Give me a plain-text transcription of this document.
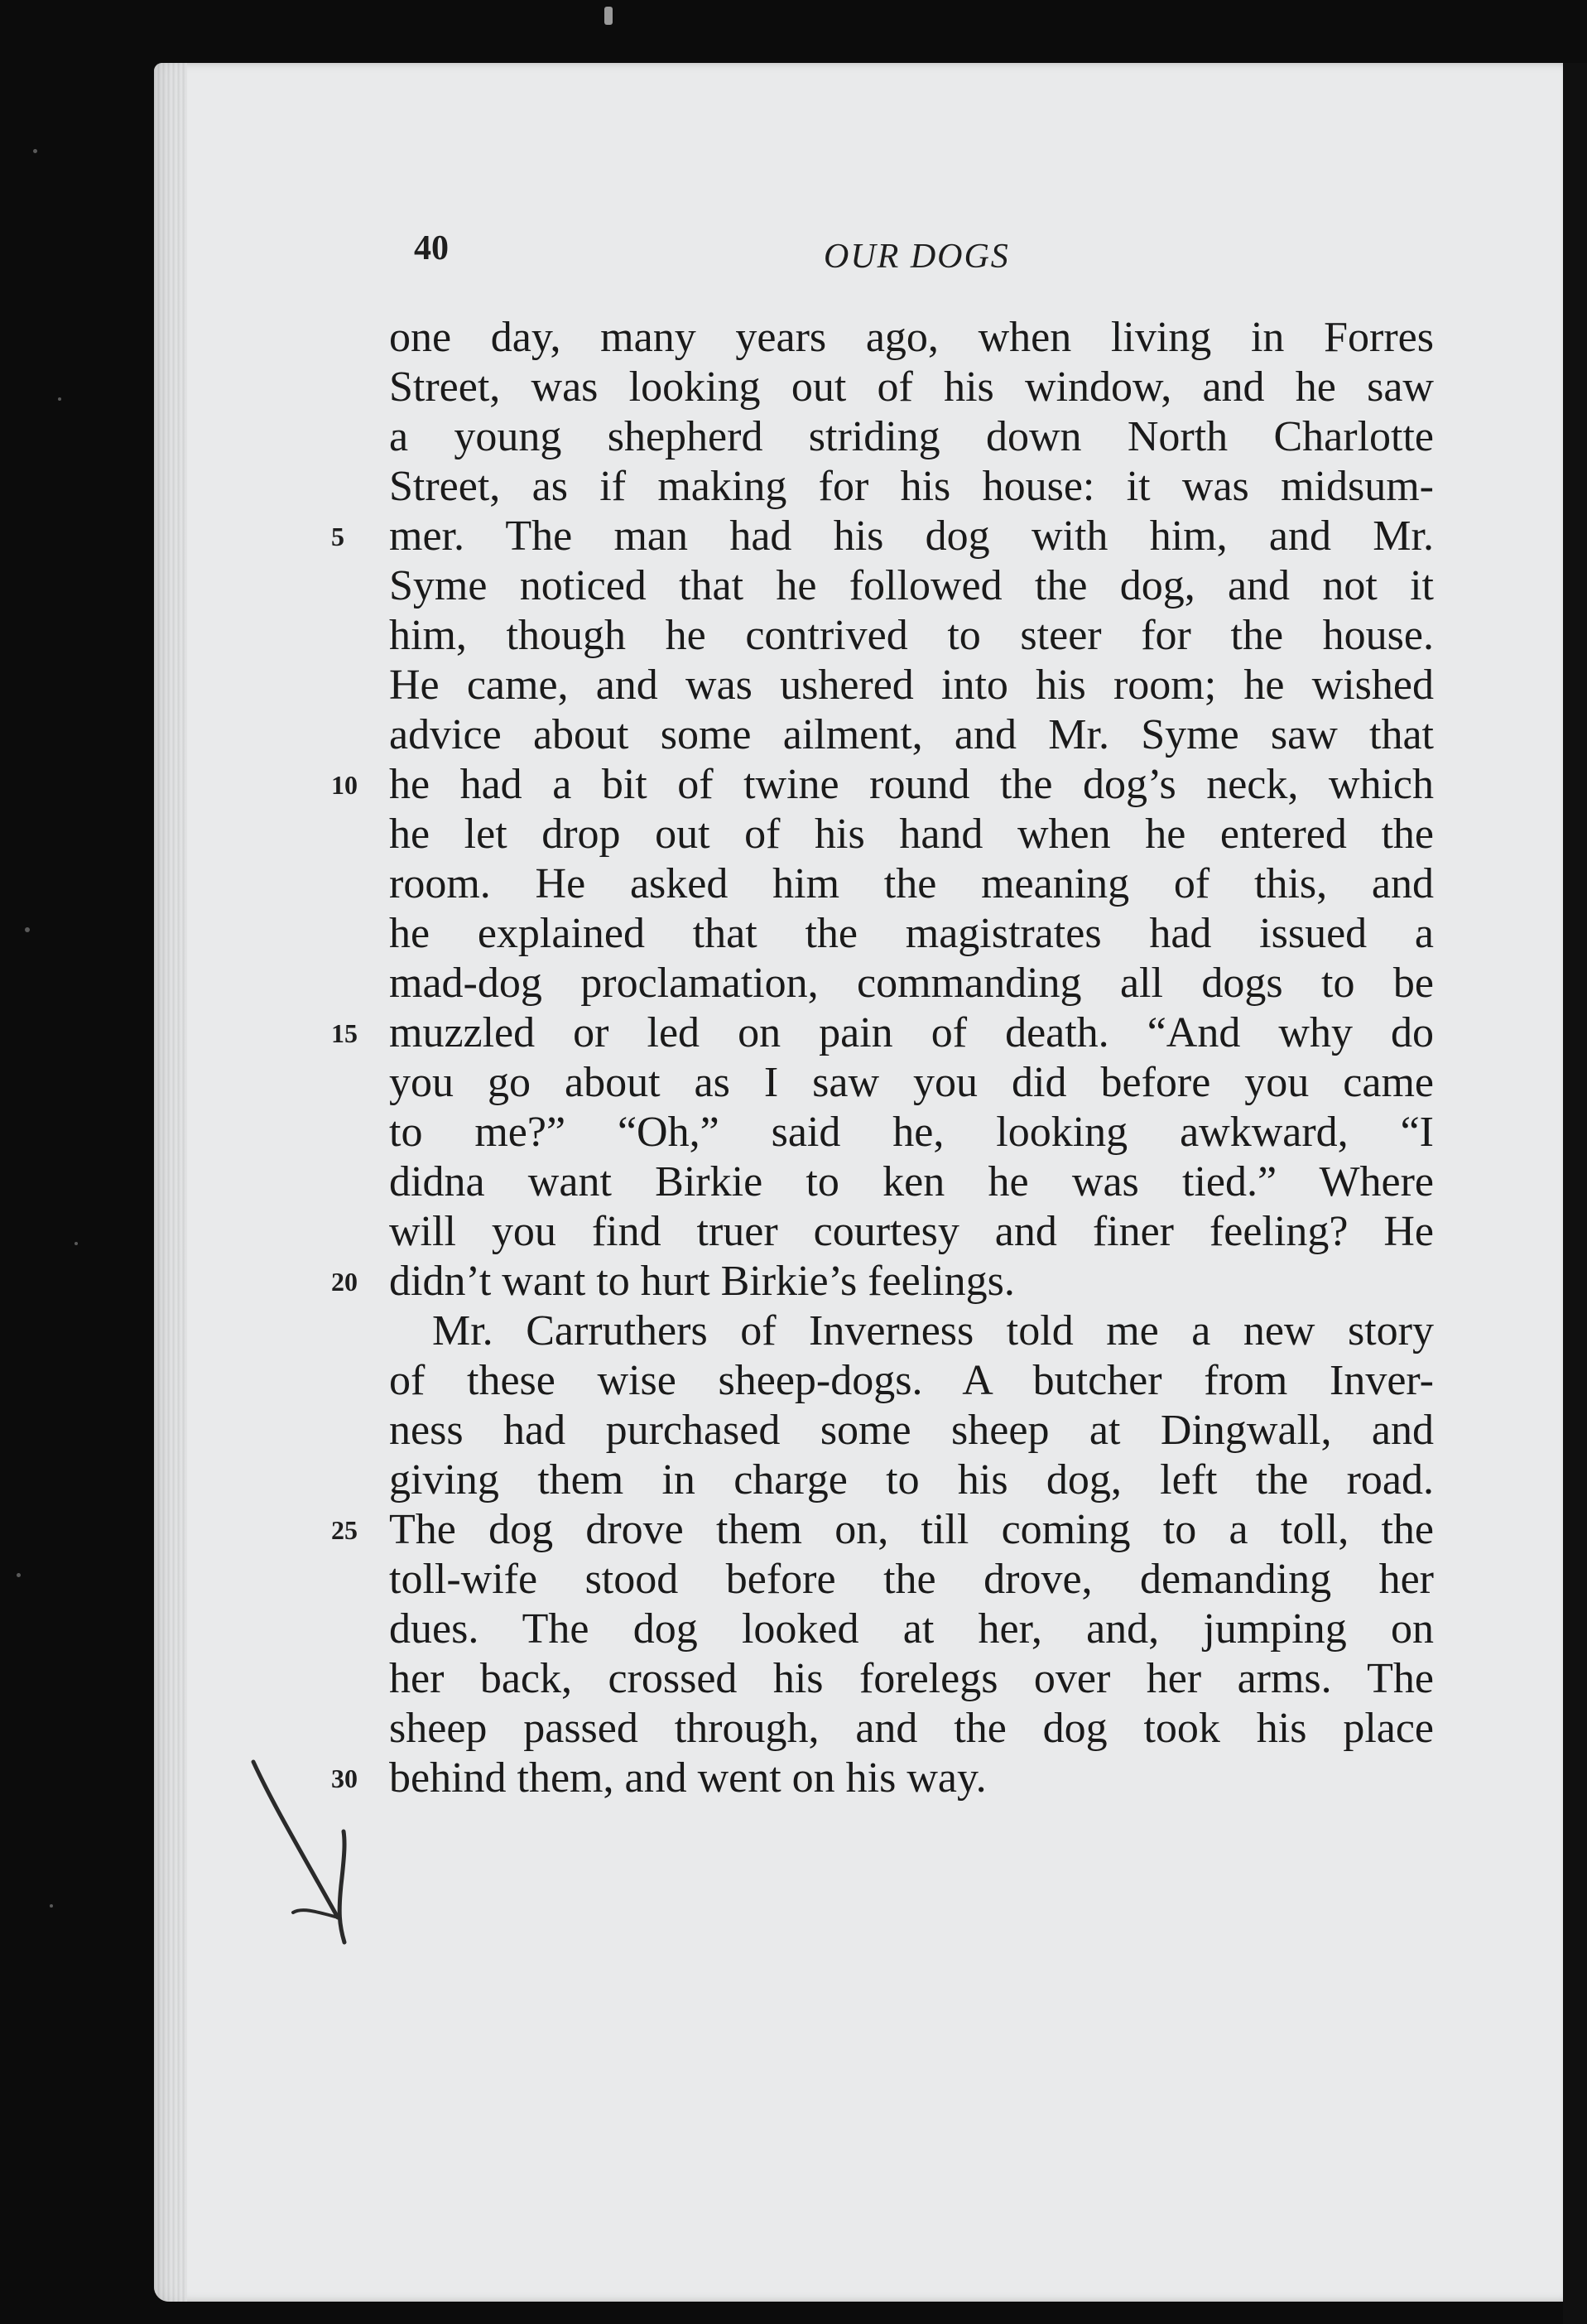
40	OUR DOGS

one day, many years ago, when living in Forres

Street, was looking out of his window, and he saw

a young shepherd striding down North Charlotte

Street, as if making for his house: it was midsum-

mer. The man had his dog with him, and Mr.

Syme noticed that he followed the dog, and not it

him, though he contrived to steer for the house.

He came, and was ushered into his room; he wished

advice about some ailment, and Mr. Syme saw that

he had a bit of twine round the dog’s neck, which

he let drop out of his hand when he entered the

room. He asked him the meaning of this, and

he explained that the magistrates had issued a

mad-dog proclamation, commanding all dogs to be

muzzled or led on pain of death. “And why do

you go about as I saw you did before you came

to me?” “Oh,” said he, looking awkward, “I

didna want Birkie to ken he was tied.” Where

will you find truer courtesy and finer feeling? He

didn’t want to hurt Birkie’s feelings.

Mr. Carruthers of Inverness told me a new story

of these wise sheep-dogs. A butcher from Inver-

ness had purchased some sheep at Dingwall, and

giving them in charge to his dog, left the road.

The dog drove them on, till coming to a toll, the

toll-wife stood before the drove, demanding her

dues. The dog looked at her, and, jumping on

her back, crossed his forelegs over her arms. The

sheep passed through, and the dog took his place

behind them, and went on his way.

5

10

15

20

25

30
